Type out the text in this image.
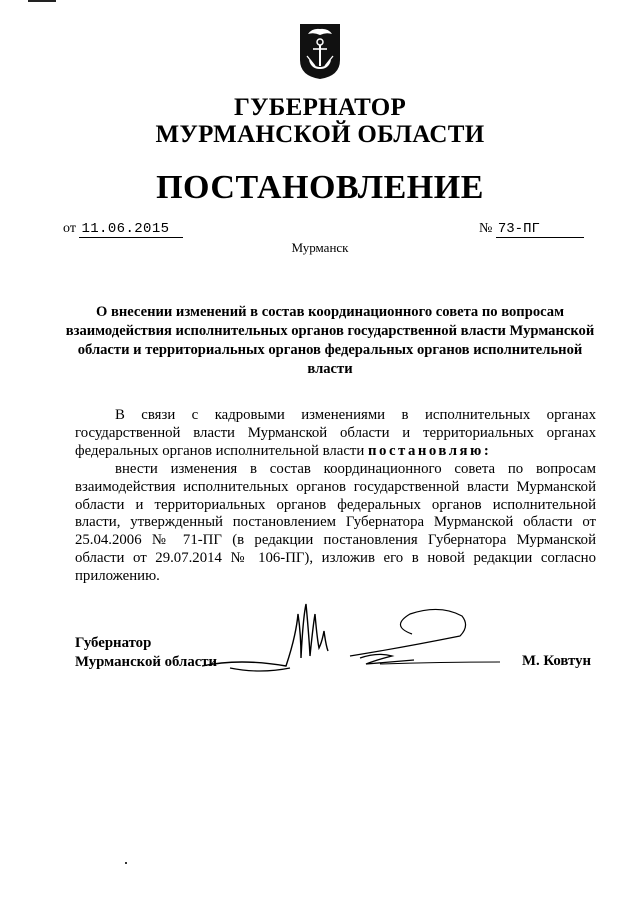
ГУБЕРНАТОР
МУРМАНСКОЙ ОБЛАСТИ
ПОСТАНОВЛЕНИЕ
от 11.06.2015	№ 73-ПГ
Мурманск
О внесении изменений в состав координационного совета по вопросам взаимодействия исполнительных органов государственной власти Мурманской области и территориальных органов федеральных органов исполнительной власти
В связи с кадровыми изменениями в исполнительных органах государственной власти Мурманской области и территориальных органах федеральных органов исполнительной власти постановляю:
внести изменения в состав координационного совета по вопросам взаимодействия исполнительных органов государственной власти Мурманской области и территориальных органов федеральных органов исполнительной власти, утвержденный постановлением Губернатора Мурманской области от 25.04.2006 № 71-ПГ (в редакции постановления Губернатора Мурманской области от 29.07.2014 № 106-ПГ), изложив его в новой редакции согласно приложению.
Губернатор
Мурманской области	М. Ковтун
